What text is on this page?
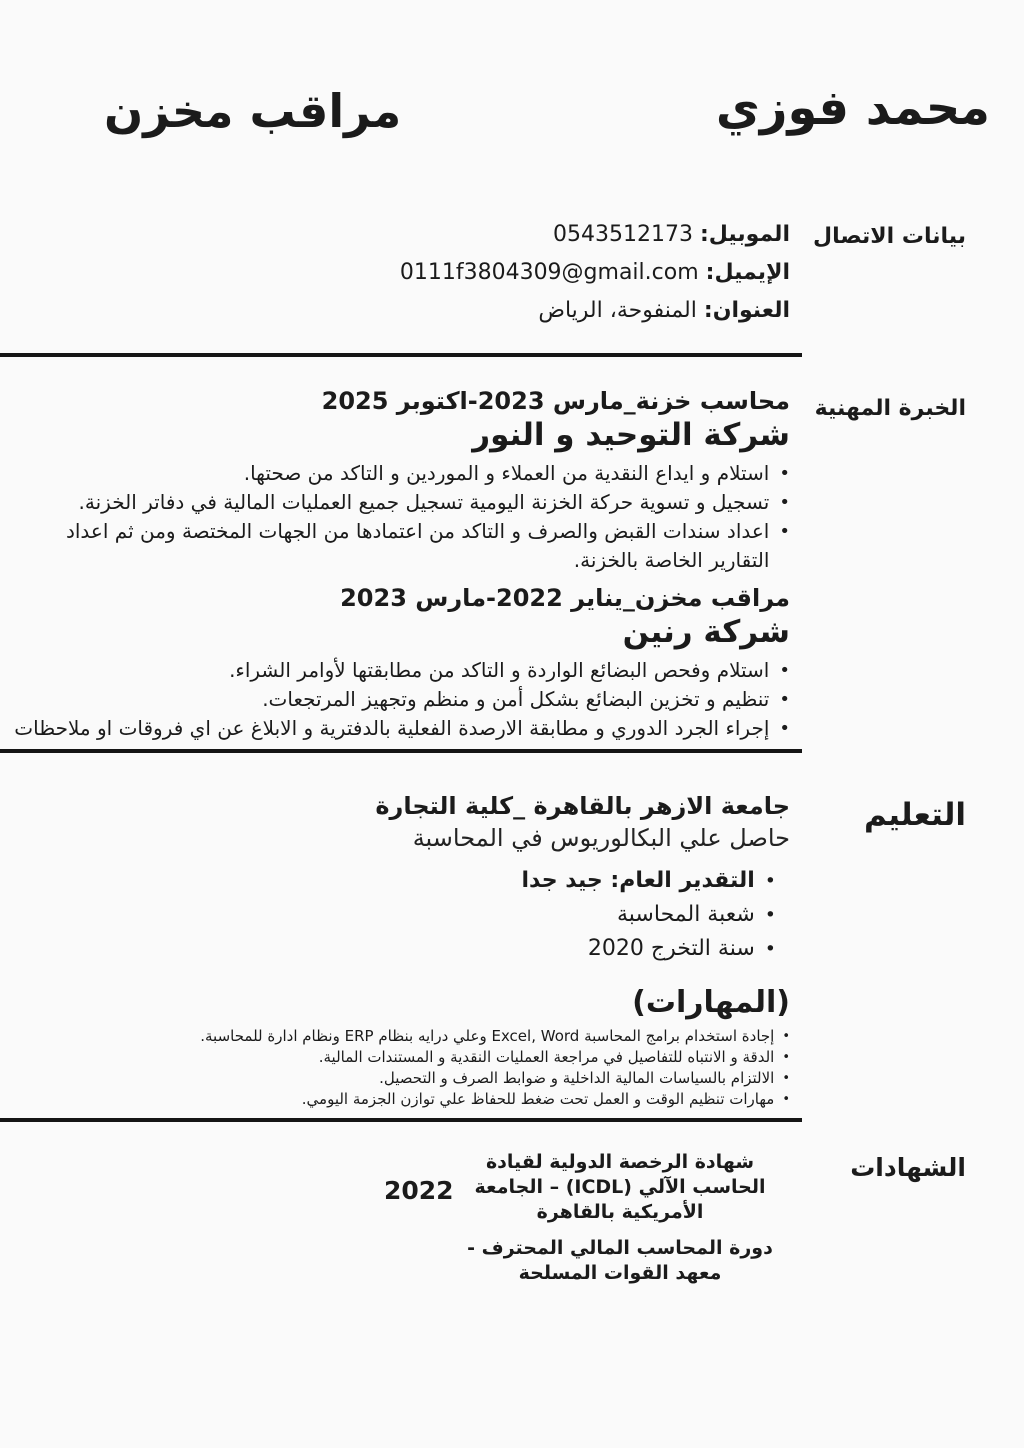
محمد فوزي
مراقب مخزن
بيانات الاتصال
الموبيل: 0543512173
الإيميل: 0111f3804309@gmail.com
العنوان: المنفوحة، الرياض
الخبرة المهنية
محاسب خزنة_مارس 2023-اكتوبر 2025
شركة التوحيد و النور
• استلام و ايداع النقدية من العملاء و الموردين و التاكد من صحتها.
• تسجيل و تسوية حركة الخزنة اليومية تسجيل جميع العمليات المالية في دفاتر الخزنة.
• اعداد سندات القبض والصرف و التاكد من اعتمادها من الجهات المختصة ومن ثم اعداد التقارير الخاصة بالخزنة.
مراقب مخزن_يناير 2022-مارس 2023
شركة رنين
• استلام وفحص البضائع الواردة و التاكد من مطابقتها لأوامر الشراء.
• تنظيم و تخزين البضائع بشكل أمن و منظم وتجهيز المرتجعات.
• إجراء الجرد الدوري و مطابقة الارصدة الفعلية بالدفترية و الابلاغ عن اي فروقات او ملاحظات
التعليم
جامعة الازهر بالقاهرة _كلية التجارة
حاصل علي البكالوريوس في المحاسبة
• التقدير العام: جيد جدا
• شعبة المحاسبة
• سنة التخرج 2020
(المهارات)
• إجادة استخدام برامج المحاسبة Excel, Word وعلي درايه بنظام ERP ونظام ادارة للمحاسبة.
• الدقة و الانتباه للتفاصيل في مراجعة العمليات النقدية و المستندات المالية.
• الالتزام بالسياسات المالية الداخلية و ضوابط الصرف و التحصيل.
• مهارات تنظيم الوقت و العمل تحت ضغط للحفاظ علي توازن الجزمة اليومي.
الشهادات
شهادة الرخصة الدولية لقيادة الحاسب الآلي (ICDL) – الجامعة الأمريكية بالقاهرة
2022
دورة المحاسب المالي المحترف - معهد القوات المسلحة
